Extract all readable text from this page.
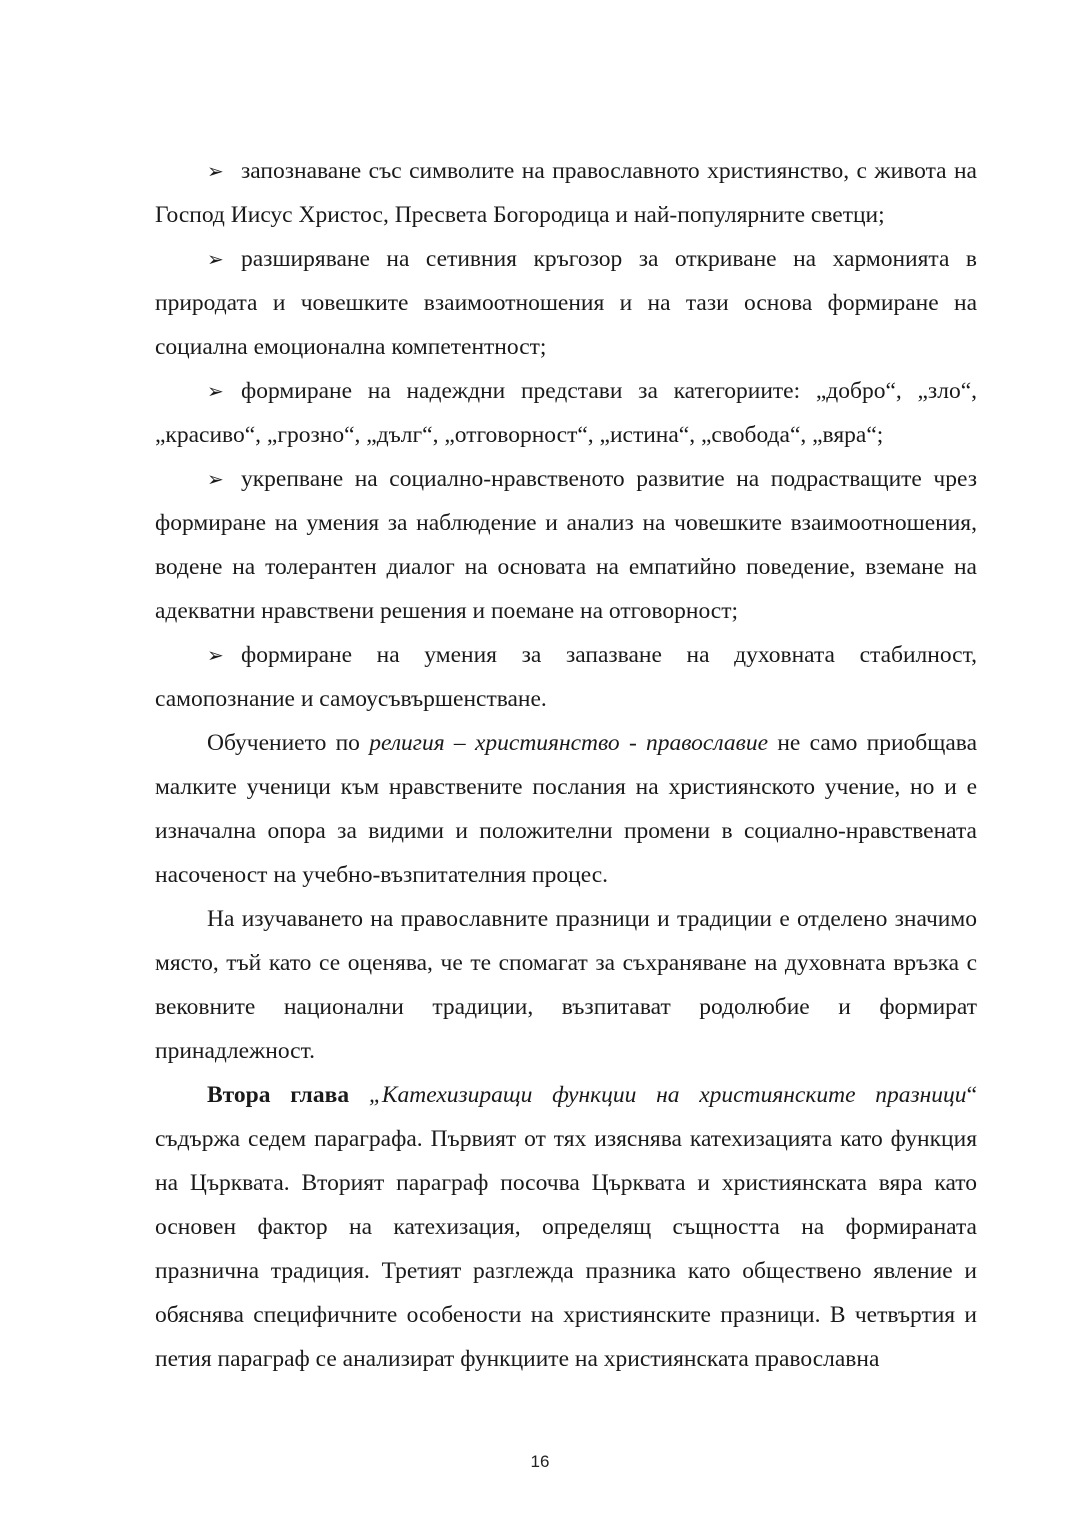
➢ запознаване със символите на православното християнство, с живота на Господ Иисус Христос, Пресвета Богородица и най-популярните светци;

➢ разширяване на сетивния кръгозор за откриване на хармонията в природата и човешките взаимоотношения и на тази основа формиране на социална емоционална компетентност;

➢ формиране на надеждни представи за категориите: „добро“, „зло“, „красиво“, „грозно“, „дълг“, „отговорност“, „истина“, „свобода“, „вяра“;

➢ укрепване на социално-нравственото развитие на подрастващите чрез формиране на умения за наблюдение и анализ на човешките взаимоотношения, водене на толерантен диалог на основата на емпатийно поведение, вземане на адекватни нравствени решения и поемане на отговорност;

➢ формиране на умения за запазване на духовната стабилност, самопознание и самоусъвършенстване.

Обучението по религия – християнство - православие не само приобщава малките ученици към нравствените послания на християнското учение, но и е изначална опора за видими и положителни промени в социално-нравствената насоченост на учебно-възпитателния процес.

На изучаването на православните празници и традиции е отделено значимо място, тъй като се оценява, че те спомагат за съхраняване на духовната връзка с вековните национални традиции, възпитават родолюбие и формират принадлежност.

Втора глава „Катехизиращи функции на християнските празници“ съдържа седем параграфа. Първият от тях изяснява катехизацията като функция на Църквата. Вторият параграф посочва Църквата и християнската вяра като основен фактор на катехизация, определящ същността на формираната празнична традиция. Третият разглежда празника като обществено явление и обяснява специфичните особености на християнските празници. В четвъртия и петия параграф се анализират функциите на християнската православна

16
